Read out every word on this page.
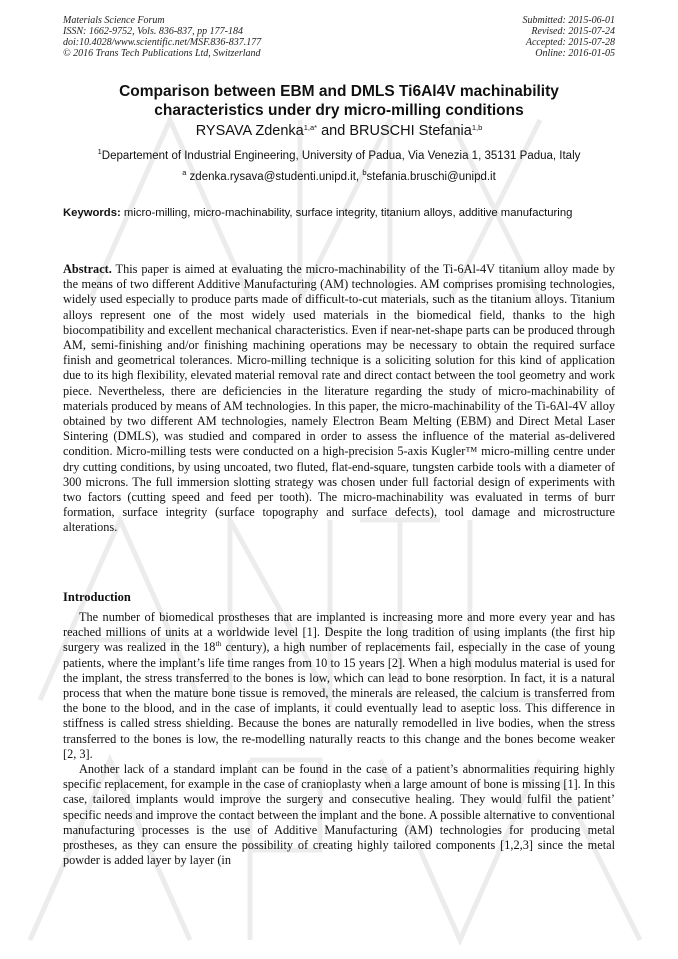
Materials Science Forum
ISSN: 1662-9752, Vols. 836-837, pp 177-184
doi:10.4028/www.scientific.net/MSF.836-837.177
© 2016 Trans Tech Publications Ltd, Switzerland
Submitted: 2015-06-01
Revised: 2015-07-24
Accepted: 2015-07-28
Online: 2016-01-05
Comparison between EBM and DMLS Ti6Al4V machinability
characteristics under dry micro-milling conditions
RYSAVA Zdenka$^{1,a*}$ and BRUSCHI Stefania$^{1,b}$
$^1$Departement of Industrial Engineering, University of Padua, Via Venezia 1, 35131 Padua, Italy
$^a$ zdenka.rysava@studenti.unipd.it, $^b$stefania.bruschi@unipd.it
Keywords: micro-milling, micro-machinability, surface integrity, titanium alloys, additive manufacturing
Abstract. This paper is aimed at evaluating the micro-machinability of the Ti-6Al-4V titanium alloy made by the means of two different Additive Manufacturing (AM) technologies. AM comprises promising technologies, widely used especially to produce parts made of difficult-to-cut materials, such as the titanium alloys. Titanium alloys represent one of the most widely used materials in the biomedical field, thanks to the high biocompatibility and excellent mechanical characteristics. Even if near-net-shape parts can be produced through AM, semi-finishing and/or finishing machining operations may be necessary to obtain the required surface finish and geometrical tolerances. Micro-milling technique is a soliciting solution for this kind of application due to its high flexibility, elevated material removal rate and direct contact between the tool geometry and work piece. Nevertheless, there are deficiencies in the literature regarding the study of micro-machinability of materials produced by means of AM technologies. In this paper, the micro-machinability of the Ti-6Al-4V alloy obtained by two different AM technologies, namely Electron Beam Melting (EBM) and Direct Metal Laser Sintering (DMLS), was studied and compared in order to assess the influence of the material as-delivered condition. Micro-milling tests were conducted on a high-precision 5-axis Kugler™ micro-milling centre under dry cutting conditions, by using uncoated, two fluted, flat-end-square, tungsten carbide tools with a diameter of 300 microns. The full immersion slotting strategy was chosen under full factorial design of experiments with two factors (cutting speed and feed per tooth). The micro-machinability was evaluated in terms of burr formation, surface integrity (surface topography and surface defects), tool damage and microstructure alterations.
Introduction

The number of biomedical prostheses that are implanted is increasing more and more every year and has reached millions of units at a worldwide level [1]. Despite the long tradition of using implants (the first hip surgery was realized in the 18th century), a high number of replacements fail, especially in the case of young patients, where the implant’s life time ranges from 10 to 15 years [2]. When a high modulus material is used for the implant, the stress transferred to the bones is low, which can lead to bone resorption. In fact, it is a natural process that when the mature bone tissue is removed, the minerals are released, the calcium is transferred from the bone to the blood, and in the case of implants, it could eventually lead to aseptic loss. This difference in stiffness is called stress shielding. Because the bones are naturally remodelled in live bodies, when the stress transferred to the bones is low, the re-modelling naturally reacts to this change and the bones become weaker [2, 3].

Another lack of a standard implant can be found in the case of a patient’s abnormalities requiring highly specific replacement, for example in the case of cranioplasty when a large amount of bone is missing [1]. In this case, tailored implants would improve the surgery and consecutive healing. They would fulfil the patient’ specific needs and improve the contact between the implant and the bone. A possible alternative to conventional manufacturing processes is the use of Additive Manufacturing (AM) technologies for producing metal prostheses, as they can ensure the possibility of creating highly tailored components [1,2,3] since the metal powder is added layer by layer (in
